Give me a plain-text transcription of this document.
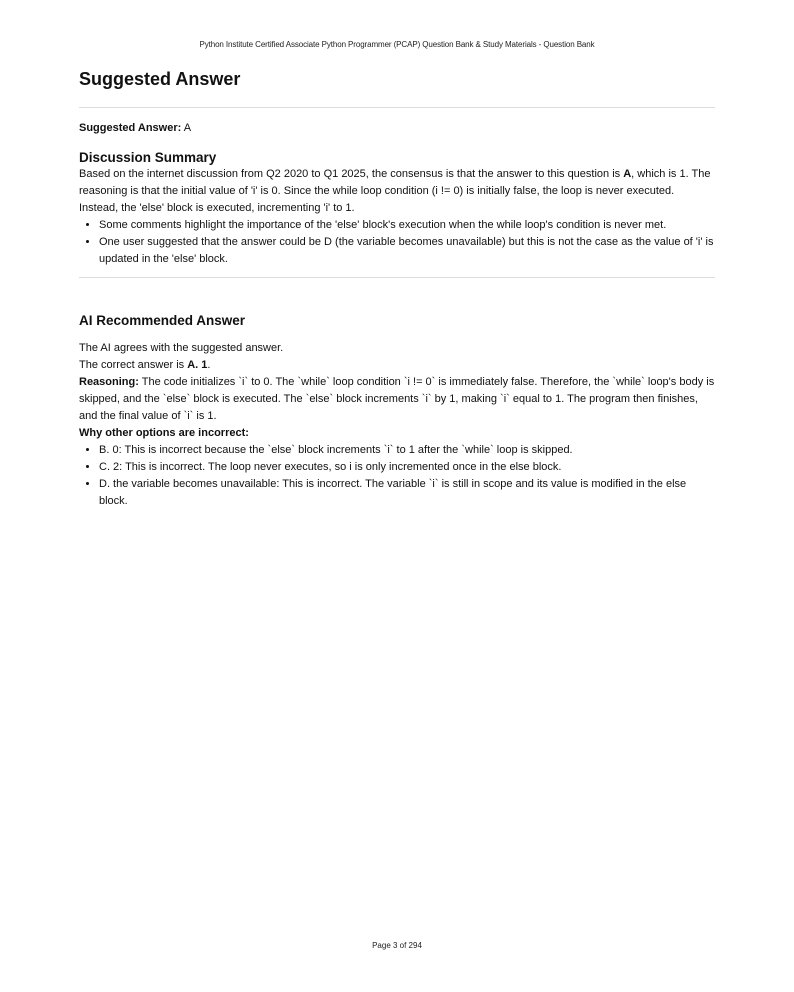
Python Institute Certified Associate Python Programmer (PCAP) Question Bank & Study Materials - Question Bank
Suggested Answer
Suggested Answer: A
Discussion Summary

Based on the internet discussion from Q2 2020 to Q1 2025, the consensus is that the answer to this question is A, which is 1. The reasoning is that the initial value of 'i' is 0. Since the while loop condition (i != 0) is initially false, the loop is never executed. Instead, the 'else' block is executed, incrementing 'i' to 1.

• Some comments highlight the importance of the 'else' block's execution when the while loop's condition is never met.
• One user suggested that the answer could be D (the variable becomes unavailable) but this is not the case as the value of 'i' is updated in the 'else' block.
AI Recommended Answer
The AI agrees with the suggested answer.
The correct answer is A. 1.
Reasoning: The code initializes `i` to 0. The `while` loop condition `i != 0` is immediately false. Therefore, the `while` loop's body is skipped, and the `else` block is executed. The `else` block increments `i` by 1, making `i` equal to 1. The program then finishes, and the final value of `i` is 1.
Why other options are incorrect:
• B. 0: This is incorrect because the `else` block increments `i` to 1 after the `while` loop is skipped.
• C. 2: This is incorrect. The loop never executes, so i is only incremented once in the else block.
• D. the variable becomes unavailable: This is incorrect. The variable `i` is still in scope and its value is modified in the else block.
Page 3 of 294
